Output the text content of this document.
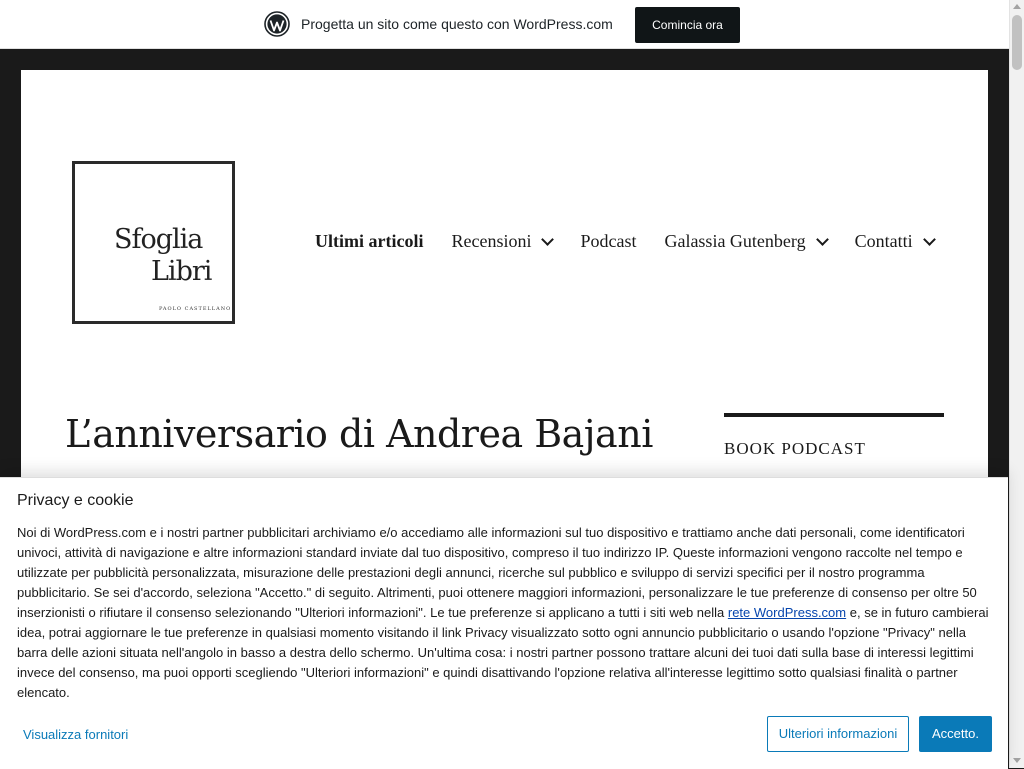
Progetta un sito come questo con WordPress.com	Comincia ora
Sfoglia
Libri
PAOLO CASTELLANO
Ultimi articoli Recensioni	Podcast Galassia Gutenberg	Contatti
L’anniversario di Andrea Bajani	BOOK PODCAST
Privacy e cookie
Noi di WordPress.com e i nostri partner pubblicitari archiviamo e/o accediamo alle informazioni sul tuo dispositivo e trattiamo anche dati personali, come identificatori univoci, attività di navigazione e altre informazioni standard inviate dal tuo dispositivo, compreso il tuo indirizzo IP. Queste informazioni vengono raccolte nel tempo e utilizzate per pubblicità personalizzata, misurazione delle prestazioni degli annunci, ricerche sul pubblico e sviluppo di servizi specifici per il nostro programma pubblicitario. Se sei d'accordo, seleziona "Accetto." di seguito. Altrimenti, puoi ottenere maggiori informazioni, personalizzare le tue preferenze di consenso per oltre 50 inserzionisti o rifiutare il consenso selezionando "Ulteriori informazioni". Le tue preferenze si applicano a tutti i siti web nella rete WordPress.com e, se in futuro cambierai idea, potrai aggiornare le tue preferenze in qualsiasi momento visitando il link Privacy visualizzato sotto ogni annuncio pubblicitario o usando l'opzione "Privacy" nella barra delle azioni situata nell'angolo in basso a destra dello schermo. Un'ultima cosa: i nostri partner possono trattare alcuni dei tuoi dati sulla base di interessi legittimi invece del consenso, ma puoi opporti scegliendo "Ulteriori informazioni" e quindi disattivando l'opzione relativa all'interesse legittimo sotto qualsiasi finalità o partner elencato.
Visualizza fornitori	Ulteriori informazioni	Accetto.
